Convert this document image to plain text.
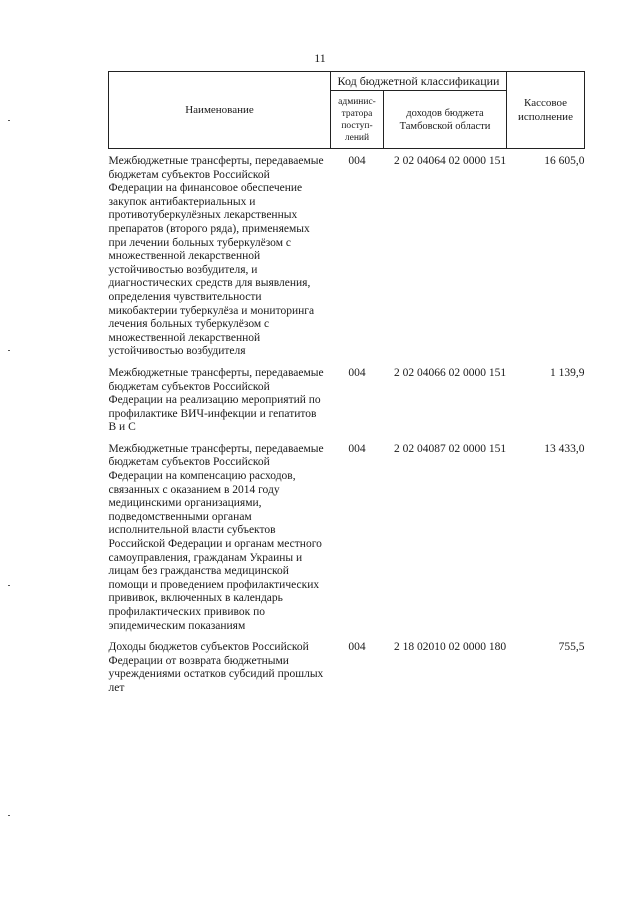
11
Наименование	Код бюджетной классификации		Кассовое исполнение
	админис-тратора поступ-лений	доходов бюджета Тамбовской области	
Межбюджетные трансферты, передаваемые бюджетам субъектов Российской Федерации на финансовое обеспечение закупок антибактериальных и противотуберкулёзных лекарственных препаратов (второго ряда), применяемых при лечении больных туберкулёзом с множественной лекарственной устойчивостью возбудителя, и диагностических средств для выявления, определения чувствительности микобактерии туберкулёза и мониторинга лечения больных туберкулёзом с множественной лекарственной устойчивостью возбудителя	004	2 02 04064 02 0000 151	16 605,0
Межбюджетные трансферты, передаваемые бюджетам субъектов Российской Федерации на реализацию мероприятий по профилактике ВИЧ-инфекции и гепатитов B и C	004	2 02 04066 02 0000 151	1 139,9
Межбюджетные трансферты, передаваемые бюджетам субъектов Российской Федерации на компенсацию расходов, связанных с оказанием в 2014 году медицинскими организациями, подведомственными органам исполнительной власти субъектов Российской Федерации и органам местного самоуправления, гражданам Украины и лицам без гражданства медицинской помощи и проведением профилактических прививок, включенных в календарь профилактических прививок по эпидемическим показаниям	004	2 02 04087 02 0000 151	13 433,0
Доходы бюджетов субъектов Российской Федерации от возврата бюджетными учреждениями остатков субсидий прошлых лет	004	2 18 02010 02 0000 180	755,5
